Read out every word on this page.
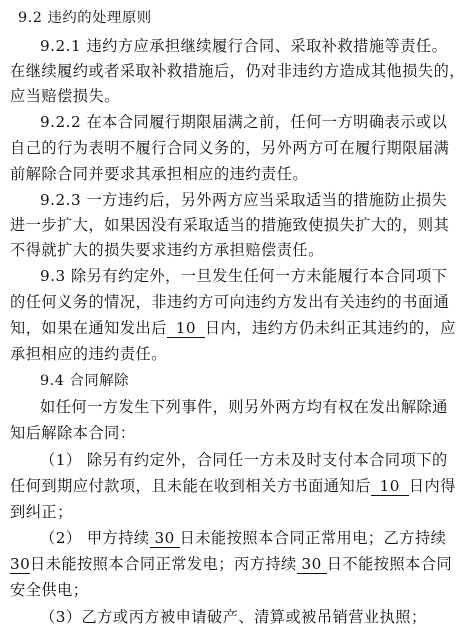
9.2 违约的处理原则
9.2.1 违约方应承担继续履行合同、采取补救措施等责任。
在继续履约或者采取补救措施后，仍对非违约方造成其他损失的，
应当赔偿损失。
9.2.2 在本合同履行期限届满之前，任何一方明确表示或以
自己的行为表明不履行合同义务的，另外两方可在履行期限届满
前解除合同并要求其承担相应的违约责任。
9.2.3 一方违约后，另外两方应当采取适当的措施防止损失
进一步扩大，如果因没有采取适当的措施致使损失扩大的，则其
不得就扩大的损失要求违约方承担赔偿责任。
9.3 除另有约定外，一旦发生任何一方未能履行本合同项下
的任何义务的情况，非违约方可向违约方发出有关违约的书面通
知，如果在通知发出后 10 日内，违约方仍未纠正其违约的，应
承担相应的违约责任。
9.4 合同解除
如任何一方发生下列事件，则另外两方均有权在发出解除通
知后解除本合同：
（1） 除另有约定外，合同任一方未及时支付本合同项下的
任何到期应付款项，且未能在收到相关方书面通知后 10 日内得
到纠正；
（2） 甲方持续 30 日未能按照本合同正常用电；乙方持续
30日未能按照本合同正常发电；丙方持续 30 日不能按照本合同
安全供电；
（3）乙方或丙方被申请破产、清算或被吊销营业执照；
